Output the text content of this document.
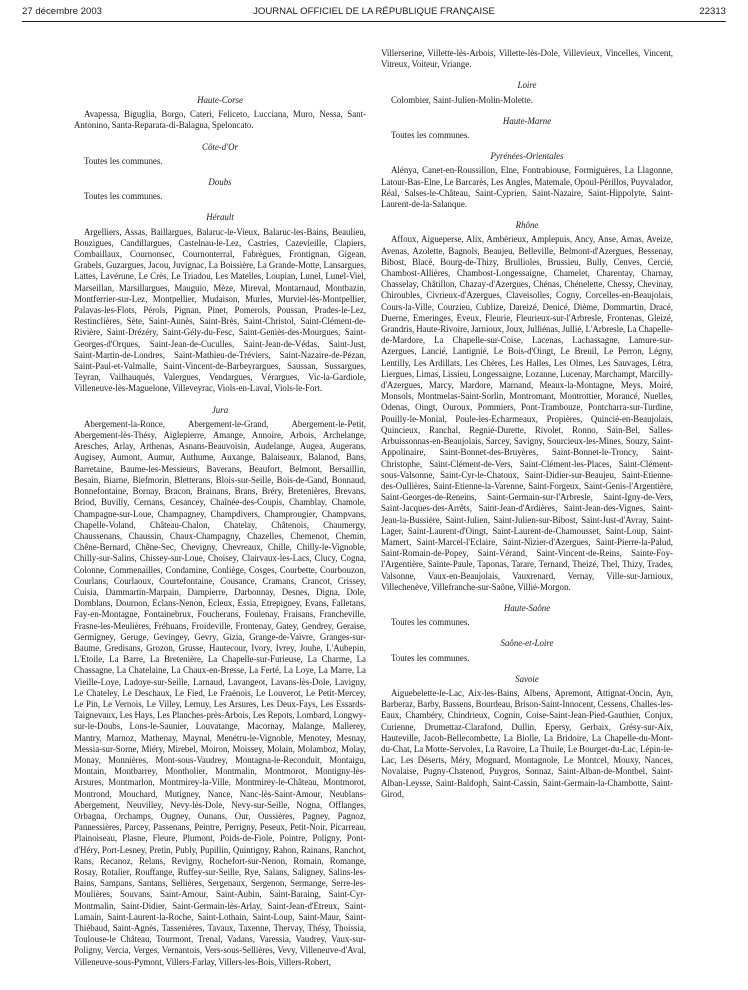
27 décembre 2003	JOURNAL OFFICIEL DE LA RÉPUBLIQUE FRANÇAISE	22313
Haute-Corse

Avapessa, Biguglia, Borgo, Cateri, Feliceto, Lucciana, Muro, Nessa, Sant-Antonino, Santa-Reparata-di-Balagna, Speloncato.

Côte-d'Or

Toutes les communes.

Doubs

Toutes les communes.

Hérault

Argelliers, Assas, Baillargues, Balaruc-le-Vieux, Balaruc-les-Bains, Beaulieu, Bouzigues, Candillargues, Castelnau-le-Lez, Castries, Cazevieille, Clapiers, Combaillaux, Cournonsec, Cournonterral, Fabrègues, Frontignan, Gigean, Grabels, Guzargues, Jacou, Juvignac, La Boissière, La Grande-Motte, Lansargues, Lattes, Lavérune, Le Crès, Le Triadou, Les Matelles, Loupian, Lunel, Lunel-Viel, Marseillan, Marsillargues, Mauguio, Mèze, Mireval, Montarnaud, Montbazin, Montferrier-sur-Lez, Montpellier, Mudaison, Murles, Murviel-lès-Montpellier, Palavas-les-Flots, Pérols, Pignan, Pinet, Pomerols, Poussan, Prades-le-Lez, Restinclières, Sète, Saint-Aunès, Saint-Brès, Saint-Christol, Saint-Clément-de-Rivière, Saint-Drézéry, Saint-Gély-du-Fesc, Saint-Geniès-des-Mourgues, Saint-Georges-d'Orques, Saint-Jean-de-Cuculles, Saint-Jean-de-Védas, Saint-Just, Saint-Martin-de-Londres, Saint-Mathieu-de-Tréviers, Saint-Nazaire-de-Pézan, Saint-Paul-et-Valmalle, Saint-Vincent-de-Barbeyrargues, Saussan, Sussargues, Teyran, Vailhauquès, Valergues, Vendargues, Vérargues, Vic-la-Gardiole, Villeneuve-lès-Maguelone, Villeveyrac, Viols-en-Laval, Viols-le-Fort.

Jura

Abergement-la-Ronce, Abergement-le-Grand, Abergement-le-Petit, Abergement-lès-Thésy, Aiglepierre, Amange, Annoire, Arbois, Archelange, Aresches, Arlay, Arthenas, Asnans-Beauvoisin, Audelange, Augea, Augerans, Augisey, Aumont, Aumur, Authume, Auxange, Balaiseaux, Balanod, Bans, Barretaine, Baume-les-Messieurs, Baverans, Beaufort, Belmont, Bersaillin, Besain, Biarne, Biefmorin, Bletterans, Blois-sur-Seille, Bois-de-Gand, Bonnaud, Bonnefontaine, Bornay, Bracon, Brainans, Brans, Bréry, Bretenières, Brevans, Briod, Buvilly, Cernans, Cesancey, Chaînée-des-Coupis, Chamblay, Chamole, Champagne-sur-Loue, Champagney, Champdivers, Champrougier, Champvans, Chapelle-Voland, Château-Chalon, Chatelay, Châtenois, Chaumergy, Chaussenans, Chaussin, Chaux-Champagny, Chazelles, Chemenot, Chemin, Chêne-Bernard, Chêne-Sec, Chevigny, Chevreaux, Chille, Chilly-le-Vignoble, Chilly-sur-Salins, Chissey-sur-Loue, Choisey, Clairvaux-les-Lacs, Clucy, Cogna, Colonne, Commenailles, Condamine, Conliège, Cosges, Courbette, Courbouzon, Courlans, Courlaoux, Courtefontaine, Cousance, Cramans, Crancot, Crissey, Cuisia, Dammartin-Marpain, Dampierre, Darbonnay, Desnes, Digna, Dole, Domblans, Dournon, Eclans-Nenon, Ecleux, Essia, Etrepigney, Evans, Falletans, Fay-en-Montagne, Fontainebrux, Foucherans, Foulenay, Fraisans, Francheville, Frasne-les-Meulières, Fréhuans, Froideville, Frontenay, Gatey, Gendrey, Geraise, Germigney, Geruge, Gevingey, Gevry, Gizia, Grange-de-Vaivre, Granges-sur-Baume, Gredisans, Grozon, Grusse, Hautecour, Ivory, Ivrey, Jouhe, L'Aubepin, L'Etoile, La Barre, La Bretenière, La Chapelle-sur-Furieuse, La Charme, La Chassagne, La Chatelaine, La Chaux-en-Bresse, La Ferté, La Loye, La Marre, La Vieille-Loye, Ladoye-sur-Seille, Larnaud, Lavangeot, Lavans-lès-Dole, Lavigny, Le Chateley, Le Deschaux, Le Fied, Le Fraénois, Le Louverot, Le Petit-Mercey, Le Pin, Le Vernois, Le Villey, Lemuy, Les Arsures, Les Deux-Fays, Les Essards-Taignevaux, Les Hays, Les Planches-près-Arbois, Les Repots, Lombard, Longwy-sur-le-Doubs, Lons-le-Saunier, Louvatange, Macornay, Malange, Mallerey, Mantry, Marnoz, Mathenay, Maynal, Menétru-le-Vignoble, Menotey, Mesnay, Messia-sur-Sorne, Miéry, Mirebel, Moiron, Moissey, Molain, Molamboz, Molay, Monay, Monnières, Mont-sous-Vaudrey, Montagna-le-Reconduit, Montaigu, Montain, Montbarrey, Montholier, Montmalin, Montmorot, Montigny-lès-Arsures, Montmarlon, Montmirey-la-Ville, Montmirey-le-Château, Montmorot, Montrond, Mouchard, Mutigney, Nance, Nanc-lès-Saint-Amour, Neublans-Abergement, Neuvilley, Nevy-lès-Dole, Nevy-sur-Seille, Nogna, Offlanges, Orbagna, Orchamps, Ougney, Ounans, Our, Oussières, Pagney, Pagnoz, Pannessières, Parcey, Passenans, Peintre, Perrigny, Peseux, Petit-Noir, Picarreau, Plainoiseau, Plasne, Fleure, Plumont, Poids-de-Fiole, Pointre, Poligny, Pont-d'Héry, Port-Lesney, Pretin, Publy, Pupillin, Quintigny, Rahon, Rainans, Ranchot, Rans, Recanoz, Relans, Revigny, Rochefort-sur-Nenon, Romain, Romange, Rosay, Rotalier, Rouffange, Ruffey-sur-Seille, Rye, Salans, Saligney, Salins-les-Bains, Sampans, Santans, Sellières, Sergenaux, Sergenon, Sermange, Serre-les-Moulières, Souvans, Saint-Amour, Saint-Aubin, Saint-Baraing, Saint-Cyr-Montmalin, Saint-Didier, Saint-Germain-lès-Arlay, Saint-Jean-d'Etreux, Saint-Lamain, Saint-Laurent-la-Roche, Saint-Lothain, Saint-Loup, Saint-Maur, Saint-Thiébaud, Saint-Agnès, Tassenières, Tavaux, Taxenne, Thervay, Thésy, Thoissia, Toulouse-le Château, Tourmont, Trenal, Vadans, Varessia, Vaudrey, Vaux-sur-Poligny, Vercia, Verges, Vernantois, Vers-sous-Sellières, Vevy, Villeneuve-d'Aval, Villeneuve-sous-Pymont, Villers-Farlay, Villers-les-Bois, Villers-Robert,

Villerserine, Villette-lès-Arbois, Villette-lès-Dole, Villevieux, Vincelles, Vincent, Vitreux, Voiteur, Vriange.

Loire

Colombier, Saint-Julien-Molin-Molette.

Haute-Marne

Toutes les communes.

Pyrénées-Orientales

Alénya, Canet-en-Roussillon, Elne, Fontrabiouse, Formiguères, La Llagonne, Latour-Bas-Elne, Le Barcarès, Les Angles, Matemale, Opoul-Périllos, Puyvalador, Réal, Salses-le-Château, Saint-Cyprien, Saint-Nazaire, Saint-Hippolyte, Saint-Laurent-de-la-Salanque.

Rhône

Affoux, Aigueperse, Alix, Ambérieux, Amplepuis, Ancy, Anse, Arnas, Aveize, Avenas, Azolette, Bagnols, Beaujeu, Belleville, Belmont-d'Azergues, Bessenay, Bibost, Blacé, Bourg-de-Thizy, Brullioles, Brussieu, Bully, Cenves, Cercié, Chambost-Allières, Chambost-Longessaigne, Chamelet, Charentay, Charnay, Chasselay, Châtillon, Chazay-d'Azergues, Chénas, Chénelette, Chessy, Chevinay, Chiroubles, Civrieux-d'Azergues, Claveisolles, Cogny, Corcelles-en-Beaujolais, Cours-la-Ville, Courzieu, Cublize, Dareizé, Denicé, Dième, Dommartin, Dracé, Duerne, Emeringes, Eveux, Fleurie, Fleurieux-sur-l'Arbresle, Frontenas, Gleizé, Grandris, Haute-Rivoire, Jarnioux, Joux, Julliénas, Jullié, L'Arbresle, La Chapelle-de-Mardore, La Chapelle-sur-Coise, Lacenas, Lachassagne, Lamure-sur-Azergues, Lancié, Lantignié, Le Bois-d'Oingt, Le Breuil, Le Perron, Légny, Lentilly, Les Ardillats, Les Chères, Les Halles, Les Olmes, Les Sauvages, Létra, Liergues, Limas, Lissieu, Longessaigne, Lozanne, Lucenay, Marchampt, Marcilly-d'Azergues, Marcy, Mardore, Marnand, Meaux-la-Montagne, Meys, Moiré, Monsols, Montmelas-Saint-Sorlin, Montromant, Montrottier, Morancé, Nuelles, Odenas, Oingt, Ouroux, Pommiers, Pont-Trambouze, Pontcharra-sur-Turdine, Pouilly-le-Monial, Poule-les-Echarmeaux, Propières, Quincié-en-Beaujolais, Quincieux, Ranchal, Regnié-Durette, Rivolet, Ronno, Sain-Bel, Salles-Arbuissonnas-en-Beaujolais, Sarcey, Savigny, Sourcieux-les-Mines, Souzy, Saint-Appolinaire, Saint-Bonnet-des-Bruyères, Saint-Bonnet-le-Troncy, Saint-Christophe, Saint-Clément-de-Vers, Saint-Clément-les-Places, Saint-Clément-sous-Valsonne, Saint-Cyr-le-Chatoux, Saint-Didier-sur-Beaujeu, Saint-Etienne-des-Oullières, Saint-Etienne-la-Varenne, Saint-Forgeux, Saint-Genis-l'Argentière, Saint-Georges-de-Reneins, Saint-Germain-sur-l'Arbresle, Saint-Igny-de-Vers, Saint-Jacques-des-Arrêts, Saint-Jean-d'Ardières, Saint-Jean-des-Vignes, Saint-Jean-la-Bussière, Saint-Julien, Saint-Julien-sur-Bibost, Saint-Just-d'Avray, Saint-Lager, Saint-Laurent-d'Oingt, Saint-Laurent-de-Chamousset, Saint-Loup, Saint-Mamert, Saint-Marcel-l'Eclaire, Saint-Nizier-d'Azergues, Saint-Pierre-la-Palud, Saint-Romain-de-Popey, Saint-Vérand, Saint-Vincent-de-Reins, Sainte-Foy-l'Argentière, Sainte-Paule, Taponas, Tarare, Ternand, Theizé, Thel, Thizy, Trades, Valsonne, Vaux-en-Beaujolais, Vauxrenard, Vernay, Ville-sur-Jarnioux, Villechenève, Villefranche-sur-Saône, Villié-Morgon.

Haute-Saône

Toutes les communes.

Saône-et-Loire

Toutes les communes.

Savoie

Aiguebelette-le-Lac, Aix-les-Bains, Albens, Apremont, Attignat-Oncin, Ayn, Barberaz, Barby, Bassens, Bourdeau, Brison-Saint-Innocent, Cessens, Challes-les-Eaux, Chambéry, Chindrieux, Cognin, Coise-Saint-Jean-Pied-Gauthier, Conjux, Curienne, Drumettaz-Clarafond, Dullin, Epersy, Gerbaix, Grésy-sur-Aix, Hauteville, Jacob-Bellecombette, La Biolle, La Bridoire, La Chapelle-du-Mont-du-Chat, La Motte-Servolex, La Ravoire, La Thuile, Le Bourget-du-Lac, Lépin-le-Lac, Les Déserts, Méry, Mognard, Montagnole, Le Montcel, Mouxy, Nances, Novalaise, Pugny-Chatenod, Puygros, Sonnaz, Saint-Alban-de-Montbel, Saint-Alban-Leysse, Saint-Baldoph, Saint-Cassin, Saint-Germain-la-Chambotte, Saint-Girod,
